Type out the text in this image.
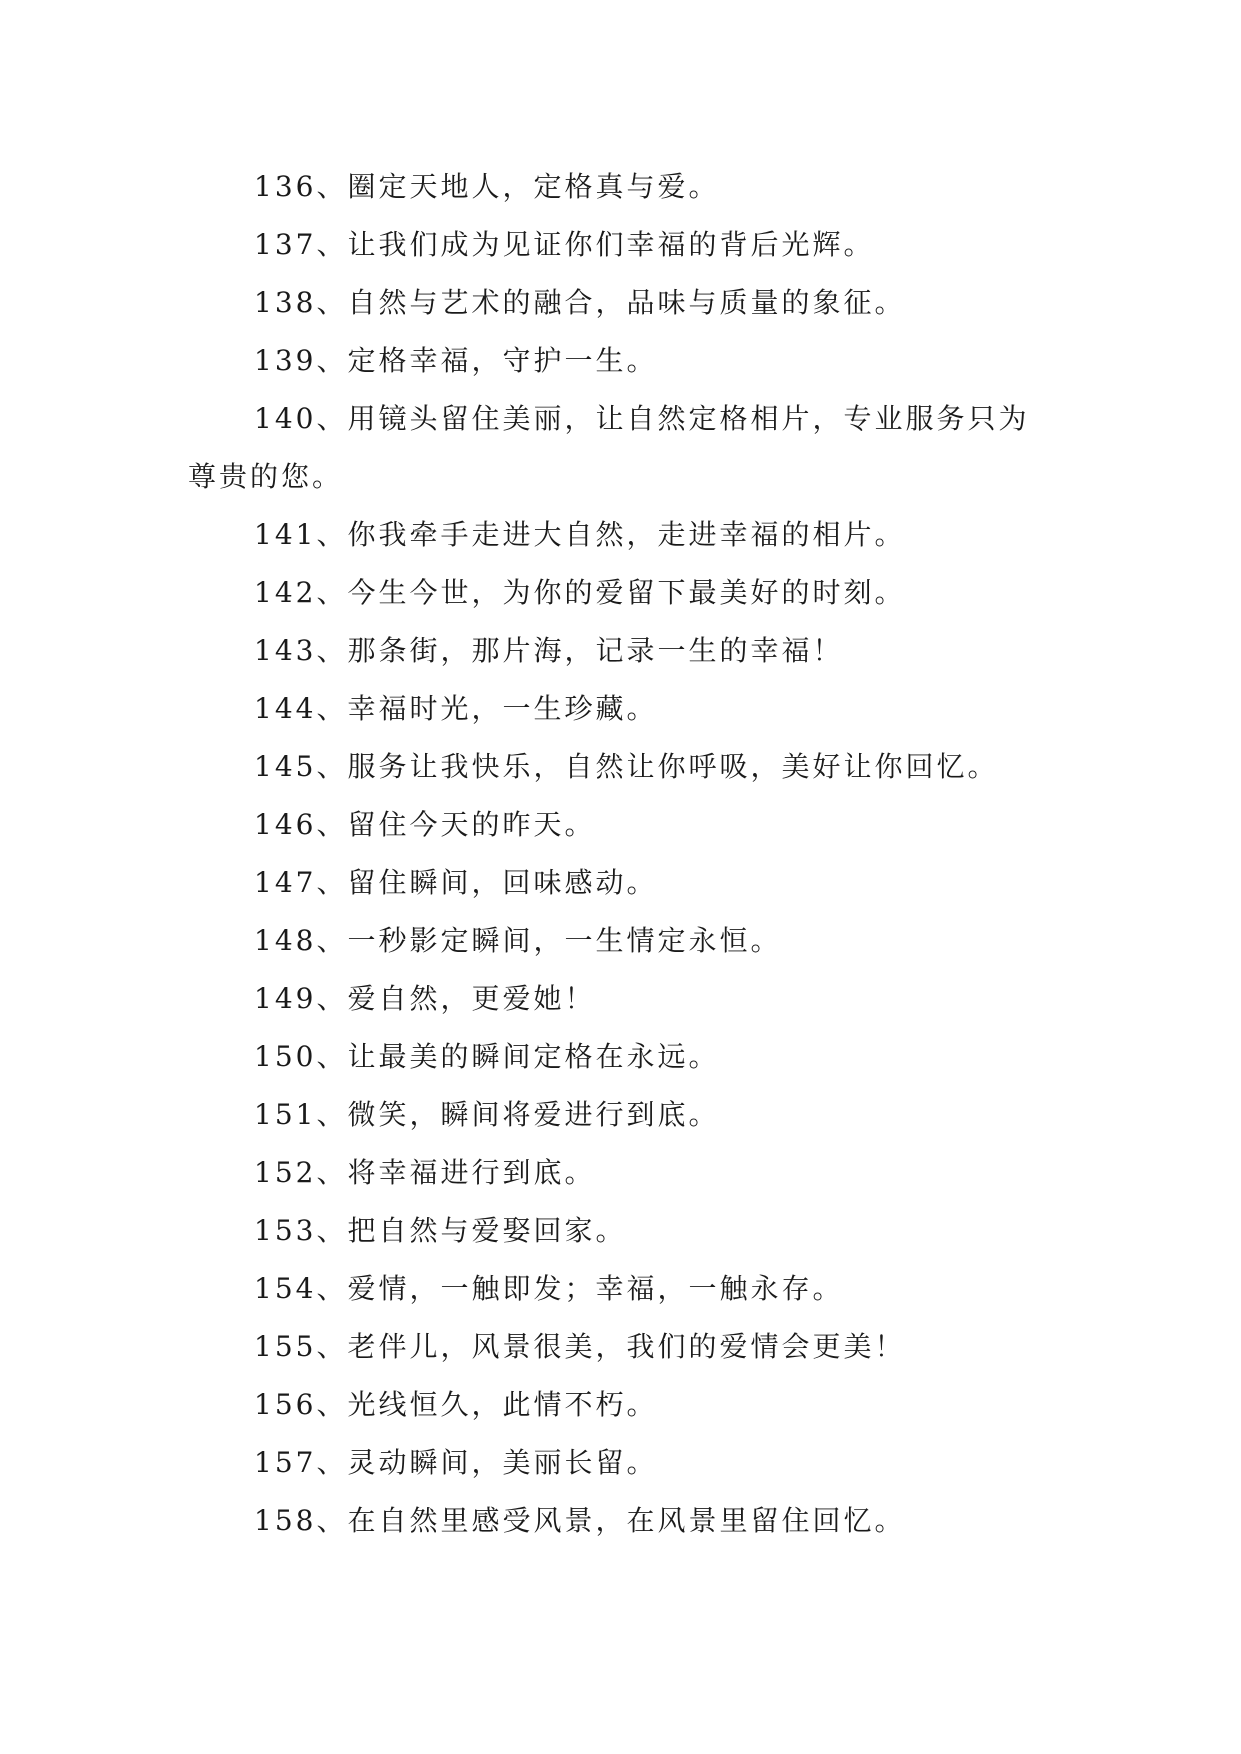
136、圈定天地人，定格真与爱。

137、让我们成为见证你们幸福的背后光辉。

138、自然与艺术的融合，品味与质量的象征。

139、定格幸福，守护一生。

140、用镜头留住美丽，让自然定格相片，专业服务只为尊贵的您。

141、你我牵手走进大自然，走进幸福的相片。

142、今生今世，为你的爱留下最美好的时刻。

143、那条街，那片海，记录一生的幸福！

144、幸福时光，一生珍藏。

145、服务让我快乐，自然让你呼吸，美好让你回忆。

146、留住今天的昨天。

147、留住瞬间，回味感动。

148、一秒影定瞬间，一生情定永恒。

149、爱自然，更爱她！

150、让最美的瞬间定格在永远。

151、微笑，瞬间将爱进行到底。

152、将幸福进行到底。

153、把自然与爱娶回家。

154、爱情，一触即发；幸福，一触永存。

155、老伴儿，风景很美，我们的爱情会更美！

156、光线恒久，此情不朽。

157、灵动瞬间，美丽长留。

158、在自然里感受风景，在风景里留住回忆。
